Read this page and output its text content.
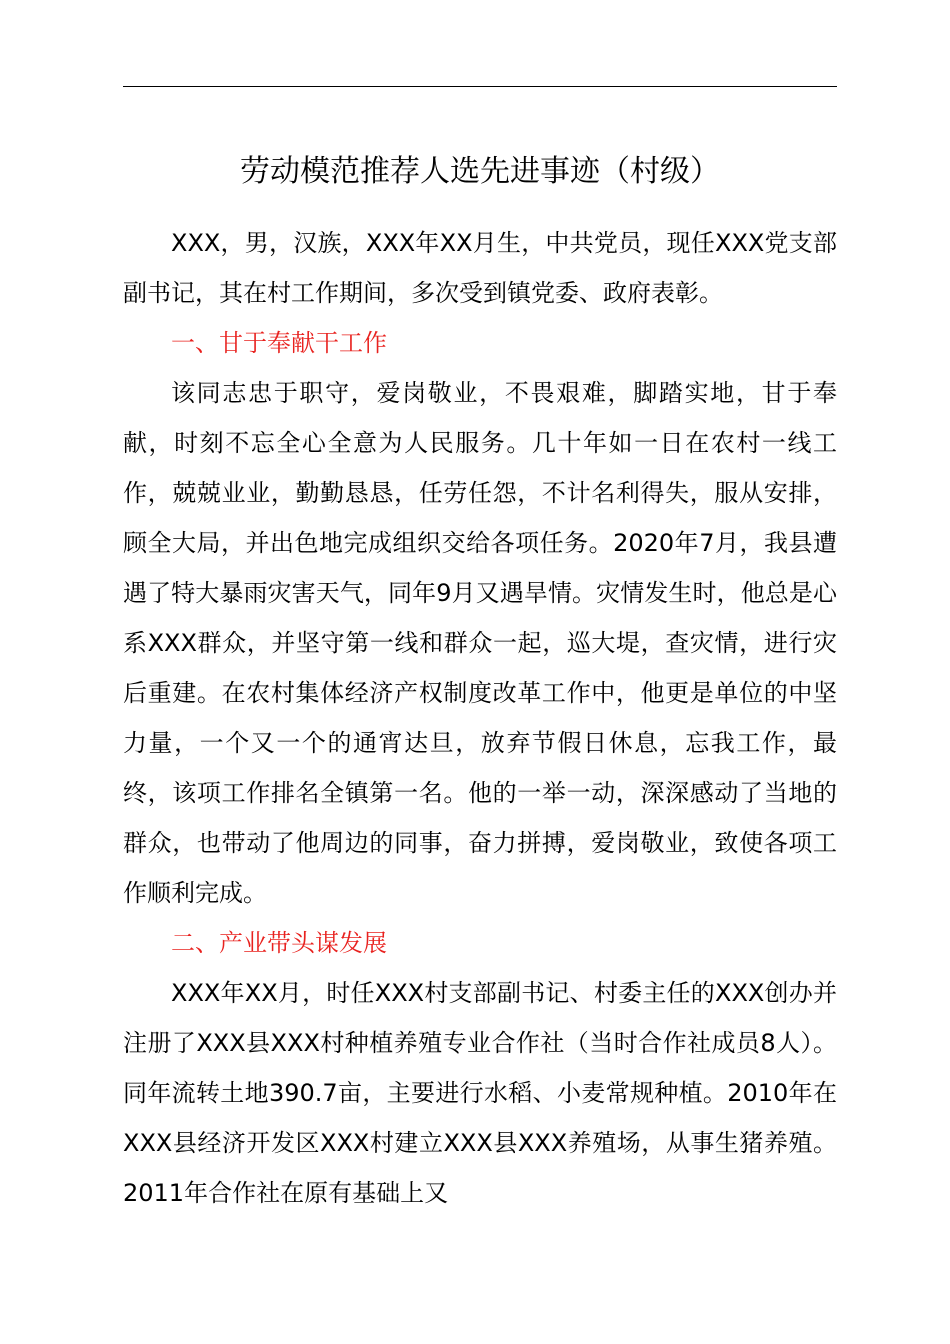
劳动模范推荐人选先进事迹（村级）

XXX，男，汉族，XXX年XX月生，中共党员，现任XXX党支部副书记，其在村工作期间，多次受到镇党委、政府表彰。

一、甘于奉献干工作

该同志忠于职守，爱岗敬业，不畏艰难，脚踏实地，甘于奉献，时刻不忘全心全意为人民服务。几十年如一日在农村一线工作，兢兢业业，勤勤恳恳，任劳任怨，不计名利得失，服从安排，顾全大局，并出色地完成组织交给各项任务。2020年7月，我县遭遇了特大暴雨灾害天气，同年9月又遇旱情。灾情发生时，他总是心系XXX群众，并坚守第一线和群众一起，巡大堤，查灾情，进行灾后重建。在农村集体经济产权制度改革工作中，他更是单位的中坚力量，一个又一个的通宵达旦，放弃节假日休息，忘我工作，最终，该项工作排名全镇第一名。他的一举一动，深深感动了当地的群众，也带动了他周边的同事，奋力拼搏，爱岗敬业，致使各项工作顺利完成。

二、产业带头谋发展

XXX年XX月，时任XXX村支部副书记、村委主任的XXX创办并注册了XXX县XXX村种植养殖专业合作社（当时合作社成员8人）。同年流转土地390.7亩，主要进行水稻、小麦常规种植。2010年在XXX县经济开发区XXX村建立XXX县XXX养殖场，从事生猪养殖。2011年合作社在原有基础上又
